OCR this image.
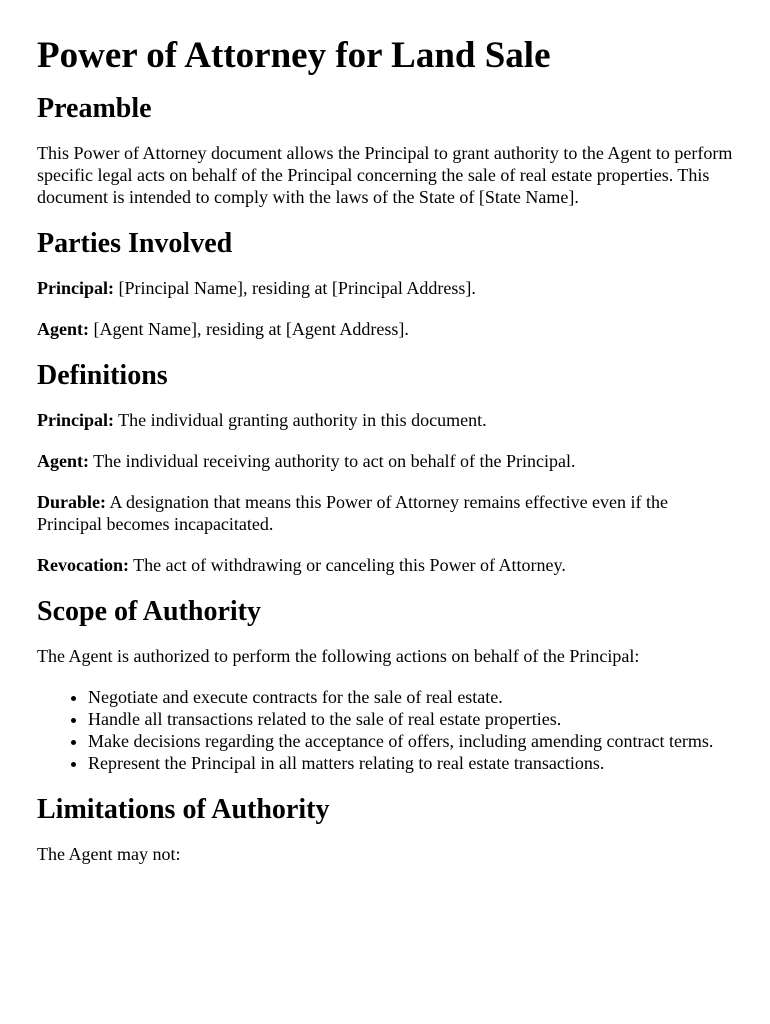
Power of Attorney for Land Sale
Preamble

This Power of Attorney document allows the Principal to grant authority to the Agent to perform specific legal acts on behalf of the Principal concerning the sale of real estate properties. This document is intended to comply with the laws of the State of [State Name].

Parties Involved

Principal: [Principal Name], residing at [Principal Address].

Agent: [Agent Name], residing at [Agent Address].

Definitions

Principal: The individual granting authority in this document.

Agent: The individual receiving authority to act on behalf of the Principal.

Durable: A designation that means this Power of Attorney remains effective even if the Principal becomes incapacitated.

Revocation: The act of withdrawing or canceling this Power of Attorney.

Scope of Authority

The Agent is authorized to perform the following actions on behalf of the Principal:

• Negotiate and execute contracts for the sale of real estate.
• Handle all transactions related to the sale of real estate properties.
• Make decisions regarding the acceptance of offers, including amending contract terms.
• Represent the Principal in all matters relating to real estate transactions.
Limitations of Authority

The Agent may not:
